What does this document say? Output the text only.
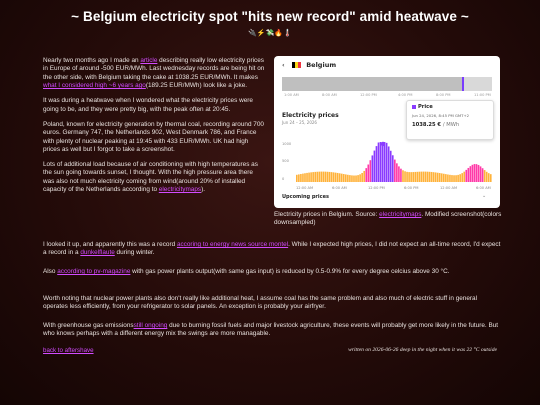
~ Belgium electricity spot "hits new record" amid heatwave ~
🔌⚡💸🔥🌡️

Nearly two months ago I made an article describing really low electricity prices in Europe of around -500 EUR/MWh. Last wednesday records are being hit on the other side, with Belgium taking the cake at 1038.25 EUR/MWh. It makes what I considered high ~6 years ago(189.25 EUR/MWh) look like a joke.

It was during a heatwave when I wondered what the electricity prices were going to be, and they were pretty big, with the peak often at 20:45.

Poland, known for electricity generation by thermal coal, recording around 700 euros. Germany 747, the Netherlands 902, West Denmark 786, and France with plenty of nuclear peaking at 19:45 with 433 EUR/MWh. UK had high prices as well but I forgot to take a screenshot.

Lots of additional load because of air conditioning with high temperatures as the sun going towards sunset, I thought. With the high pressure area there was also not much electricity coming from wind(around 20% of installed capacity of the Netherlands according to electricitymaps).

‹	Belgium
1:00 AM	8:00 AM	12:00 PM	4:00 PM	8:00 PM	11:00 PM
Electricity prices
Jun 24 – 25, 2026
1000
500
0
12:00 AM	6:00 AM	12:00 PM	6:00 PM	12:00 AM	6:00 AM
Price
Jun 24, 2026, 8:45 PM GMT+2
1038.25 € / MWh
Upcoming prices	⌄
Electricity prices in Belgium. Source: electricitymaps. Modified screenshot(colors downsampled)

I looked it up, and apparently this was a record accoring to energy news source montel. While I expected high prices, I did not expect an all-time record, I'd expect a record in a dunkelflaute during winter.

Also according to pv-magazine with gas power plants output(with same gas input) is reduced by 0.5-0.9% for every degree celcius above 30 °C.

Worth noting that nuclear power plants also don't really like additional heat, I assume coal has the same problem and also much of electric stuff in general operates less efficiently, from your refrigerator to solar panels. An exception is probably your airfryer.

With greenhouse gas emissionsstill ongoing due to burning fossil fuels and major livestock agriculture, these events will probably get more likely in the future. But who knows perhaps with a different energy mix the swings are more managable.

back to aftershave	written on 2026-06-26 deep in the night when it was 22 °C outside
